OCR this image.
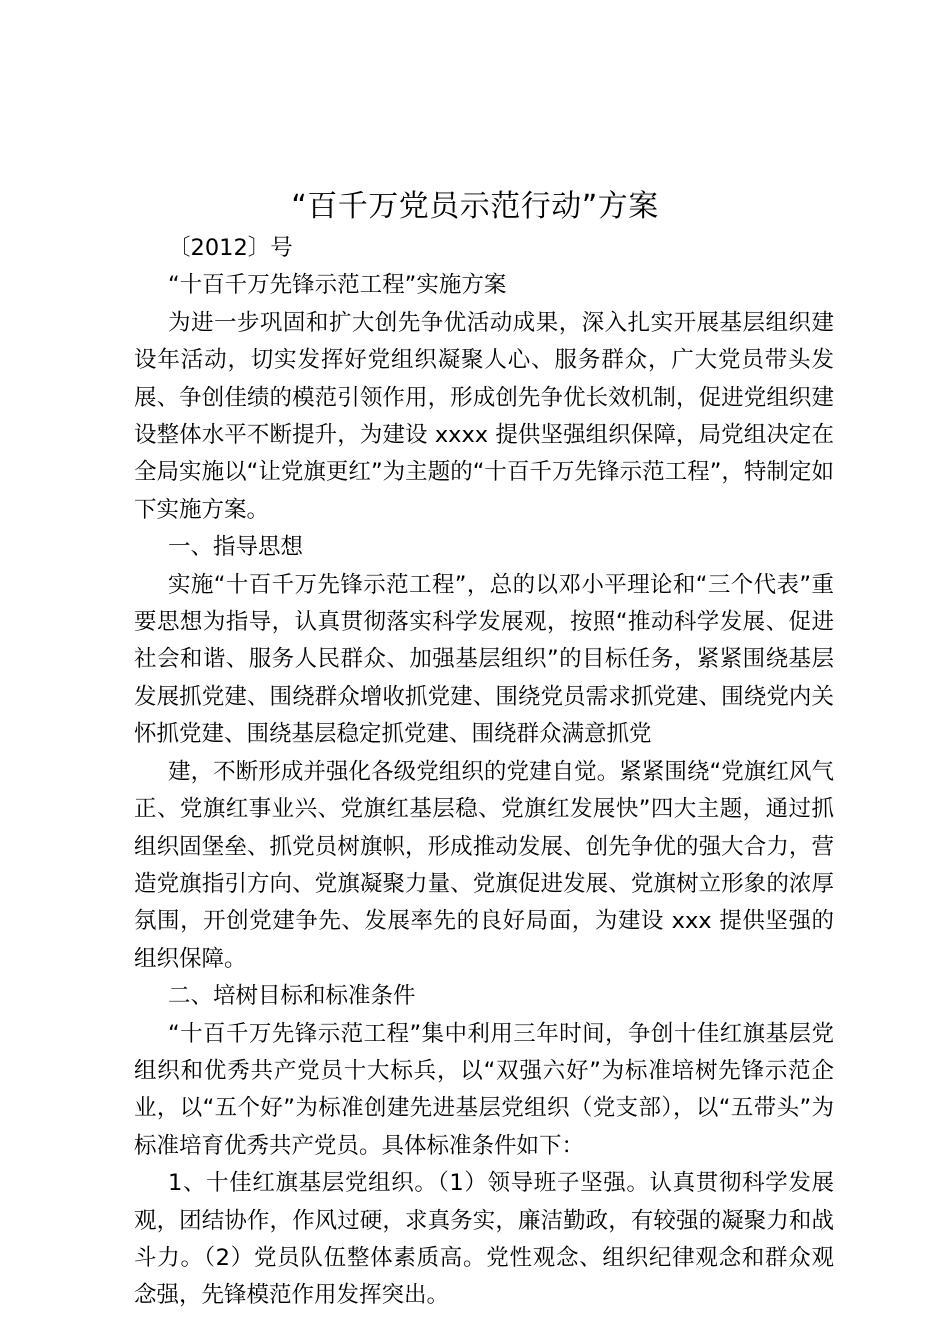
“百千万党员示范行动”方案

〔2012〕号

“十百千万先锋示范工程”实施方案

为进一步巩固和扩大创先争优活动成果，深入扎实开展基层组织建设年活动，切实发挥好党组织凝聚人心、服务群众，广大党员带头发展、争创佳绩的模范引领作用，形成创先争优长效机制，促进党组织建设整体水平不断提升，为建设 xxxx 提供坚强组织保障，局党组决定在全局实施以“让党旗更红”为主题的“十百千万先锋示范工程”，特制定如下实施方案。

一、指导思想

实施“十百千万先锋示范工程”，总的以邓小平理论和“三个代表”重要思想为指导，认真贯彻落实科学发展观，按照“推动科学发展、促进社会和谐、服务人民群众、加强基层组织”的目标任务，紧紧围绕基层发展抓党建、围绕群众增收抓党建、围绕党员需求抓党建、围绕党内关怀抓党建、围绕基层稳定抓党建、围绕群众满意抓党

建，不断形成并强化各级党组织的党建自觉。紧紧围绕“党旗红风气正、党旗红事业兴、党旗红基层稳、党旗红发展快”四大主题，通过抓组织固堡垒、抓党员树旗帜，形成推动发展、创先争优的强大合力，营造党旗指引方向、党旗凝聚力量、党旗促进发展、党旗树立形象的浓厚氛围，开创党建争先、发展率先的良好局面，为建设 xxx 提供坚强的组织保障。

二、培树目标和标准条件

“十百千万先锋示范工程”集中利用三年时间，争创十佳红旗基层党组织和优秀共产党员十大标兵，以“双强六好”为标准培树先锋示范企业，以“五个好”为标准创建先进基层党组织（党支部），以“五带头”为标准培育优秀共产党员。具体标准条件如下：

1、十佳红旗基层党组织。（1）领导班子坚强。认真贯彻科学发展观，团结协作，作风过硬，求真务实，廉洁勤政，有较强的凝聚力和战斗力。（2）党员队伍整体素质高。党性观念、组织纪律观念和群众观念强，先锋模范作用发挥突出。
